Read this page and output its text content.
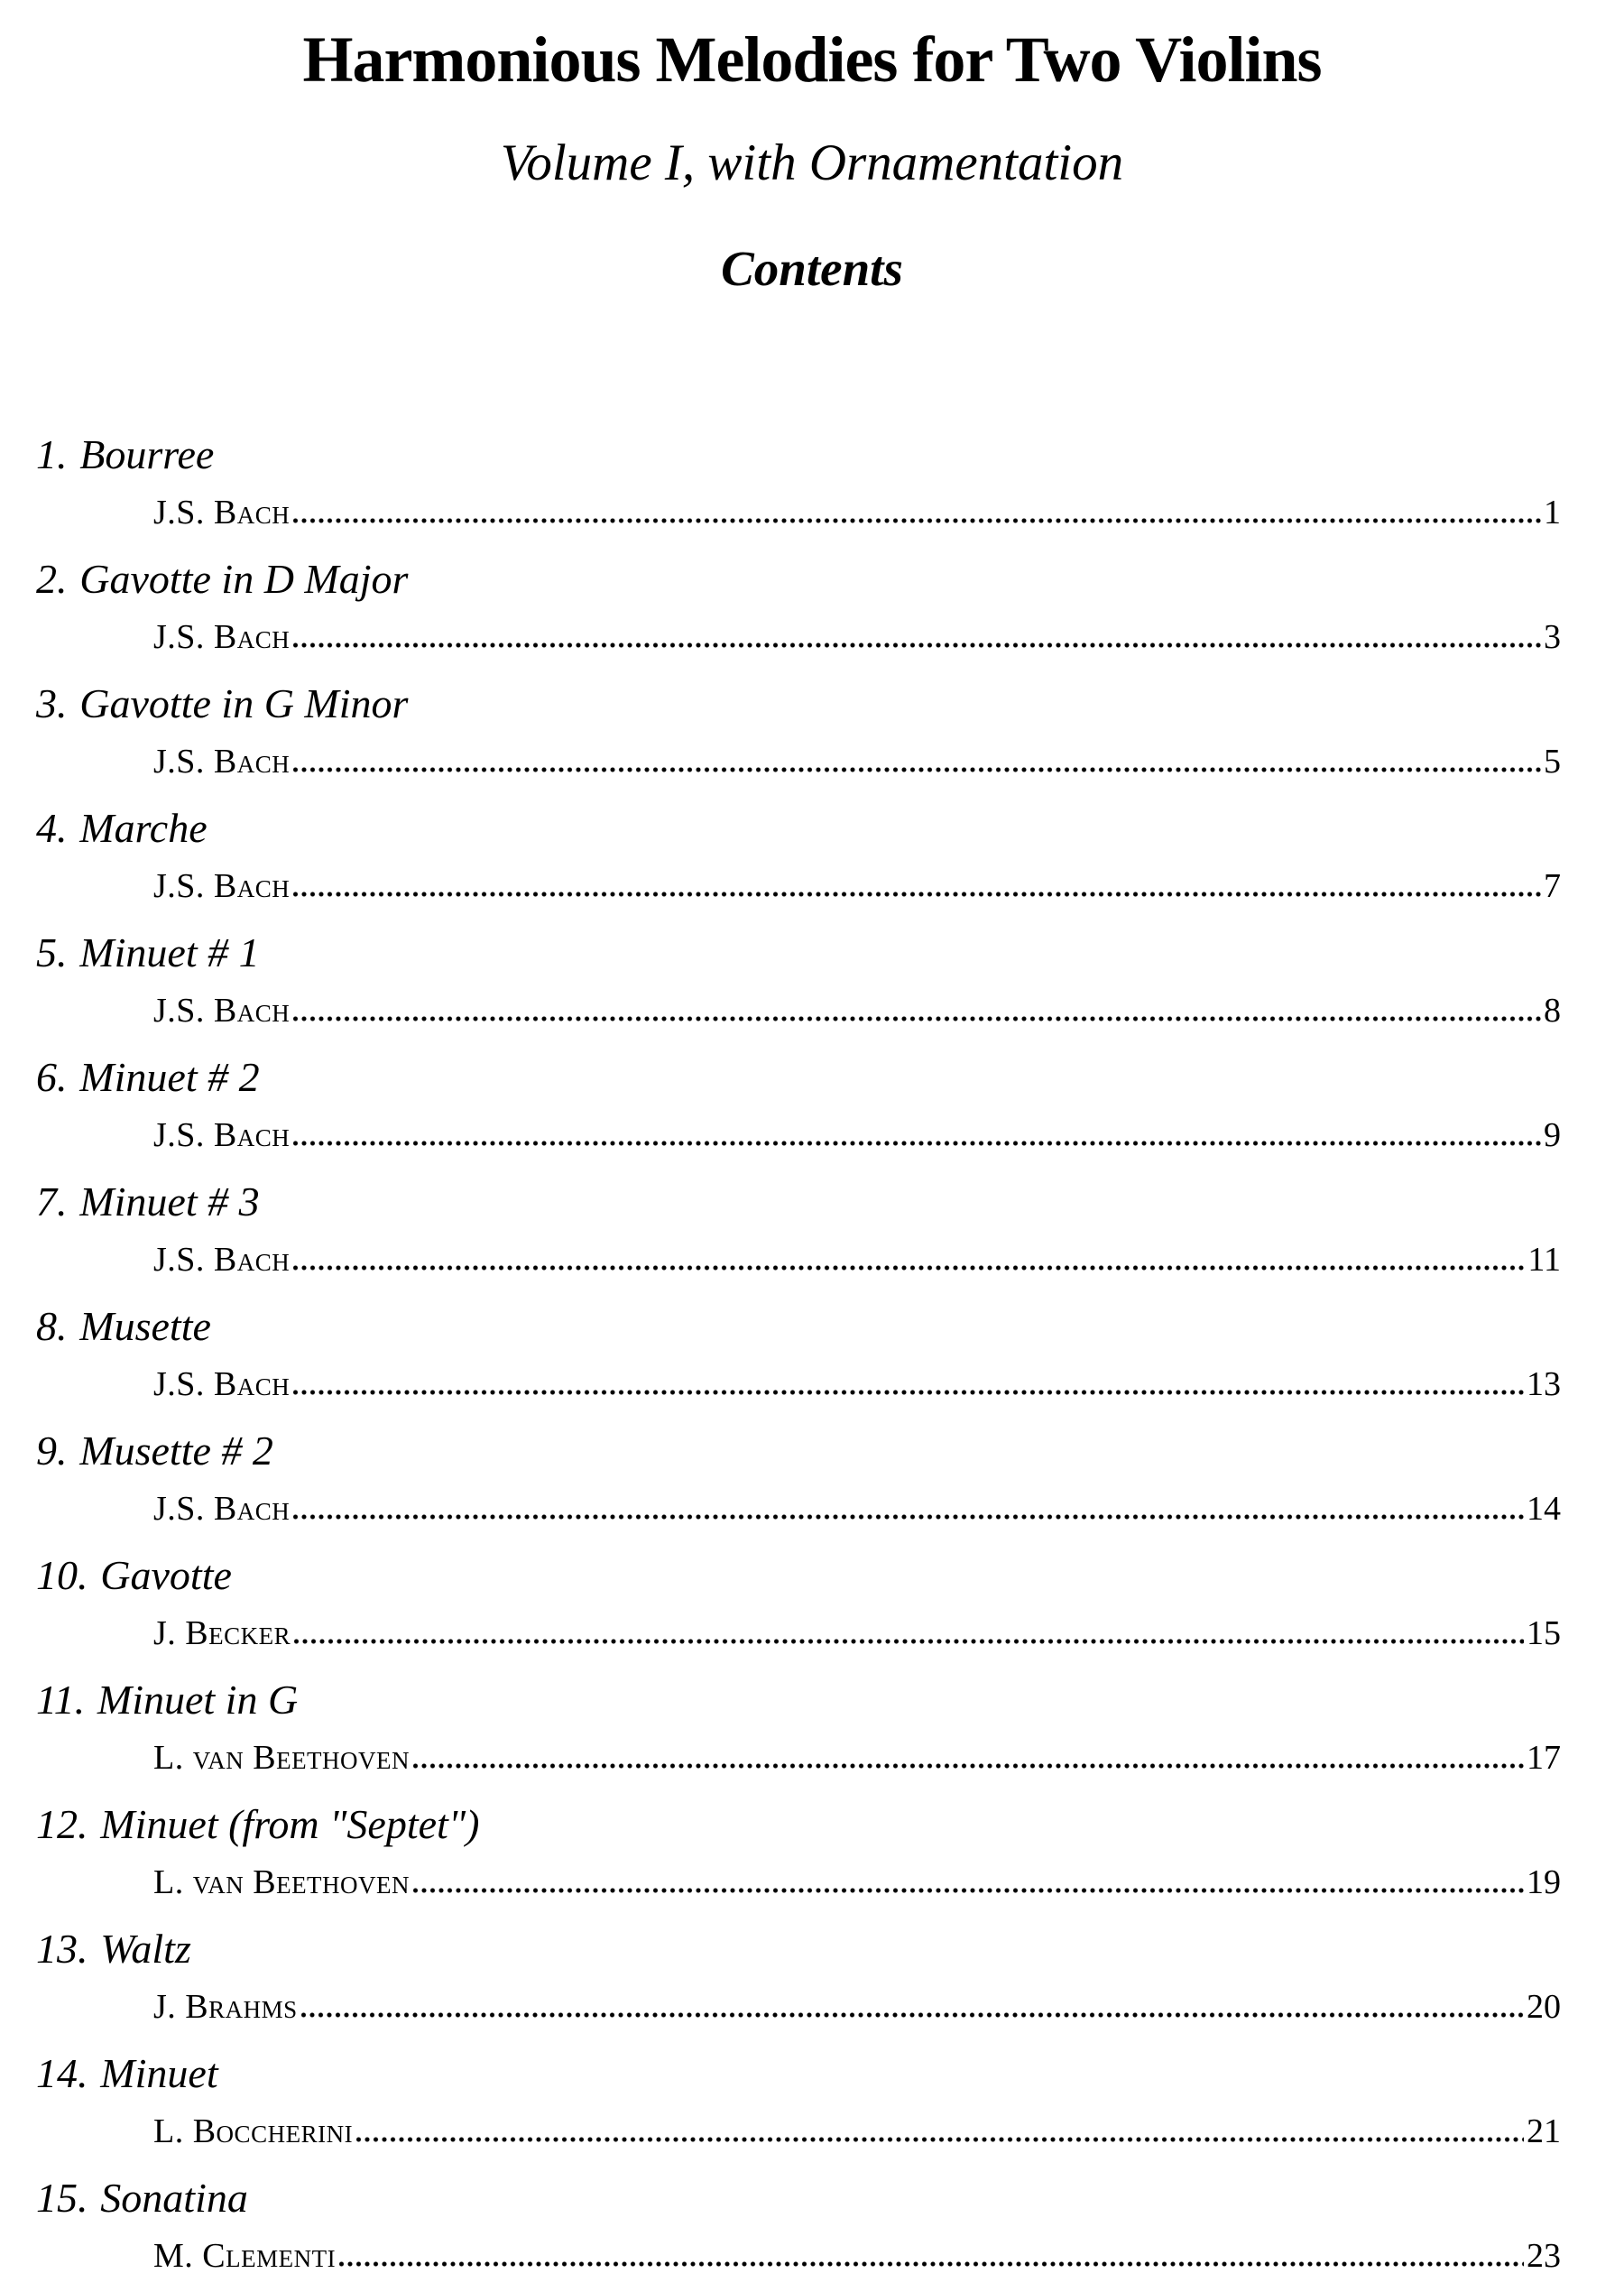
Harmonious Melodies for Two Violins
Volume I, with Ornamentation
Contents
1. Bourree
J.S. Bach	1
2. Gavotte in D Major
J.S. Bach	3
3. Gavotte in G Minor
J.S. Bach	5
4. Marche
J.S. Bach	7
5. Minuet # 1
J.S. Bach	8
6. Minuet # 2
J.S. Bach	9
7. Minuet # 3
J.S. Bach	11
8. Musette
J.S. Bach	13
9. Musette # 2
J.S. Bach	14
10. Gavotte
J. Becker	15
11. Minuet in G
L. van Beethoven	17
12. Minuet (from "Septet")
L. van Beethoven	19
13. Waltz
J. Brahms	20
14. Minuet
L. Boccherini	21
15. Sonatina
M. Clementi	23
